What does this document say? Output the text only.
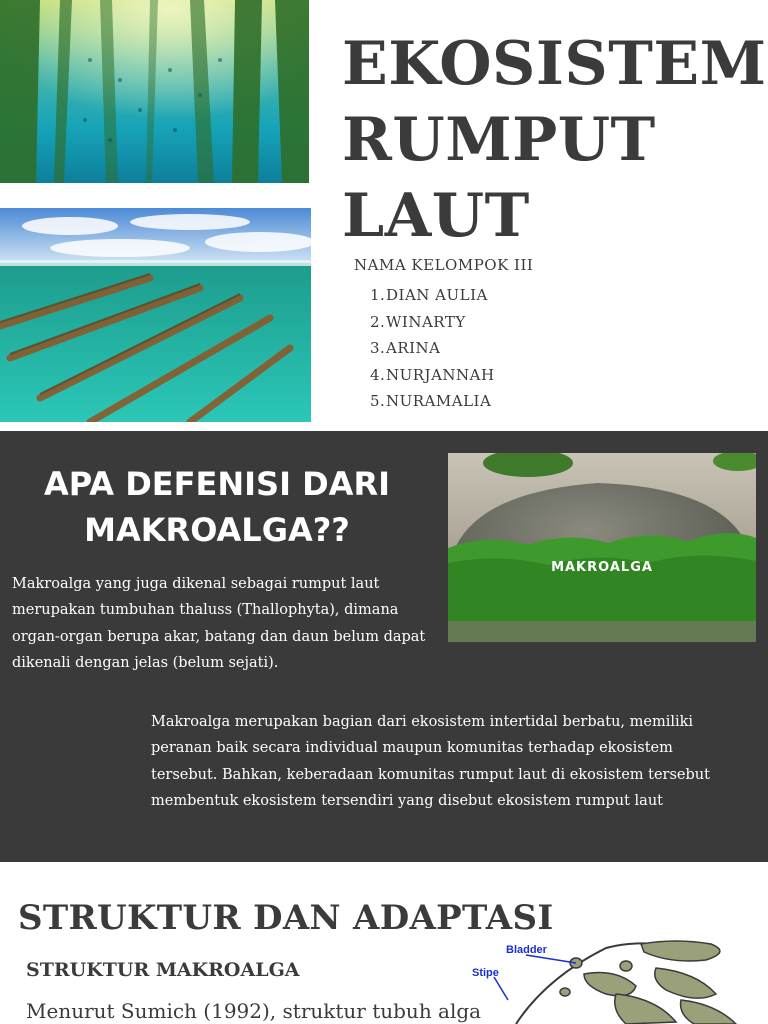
EKOSISTEM
RUMPUT
LAUT
NAMA KELOMPOK III
1.DIAN AULIA
2.WINARTY
3.ARINA
4.NURJANNAH
5.NURAMALIA
APA DEFENISI DARI MAKROALGA??
MAKROALGA

Makroalga yang juga dikenal sebagai rumput laut merupakan tumbuhan thaluss (Thallophyta), dimana organ-organ berupa akar, batang dan daun belum dapat dikenali dengan jelas (belum sejati).

Makroalga merupakan bagian dari ekosistem intertidal berbatu, memiliki peranan baik secara individual maupun komunitas terhadap ekosistem tersebut. Bahkan, keberadaan komunitas rumput laut di ekosistem tersebut membentuk ekosistem tersendiri yang disebut ekosistem rumput laut

STRUKTUR DAN ADAPTASI
STRUKTUR MAKROALGA

Menurut Sumich (1992), struktur tubuh alga

Bladder
Stipe
